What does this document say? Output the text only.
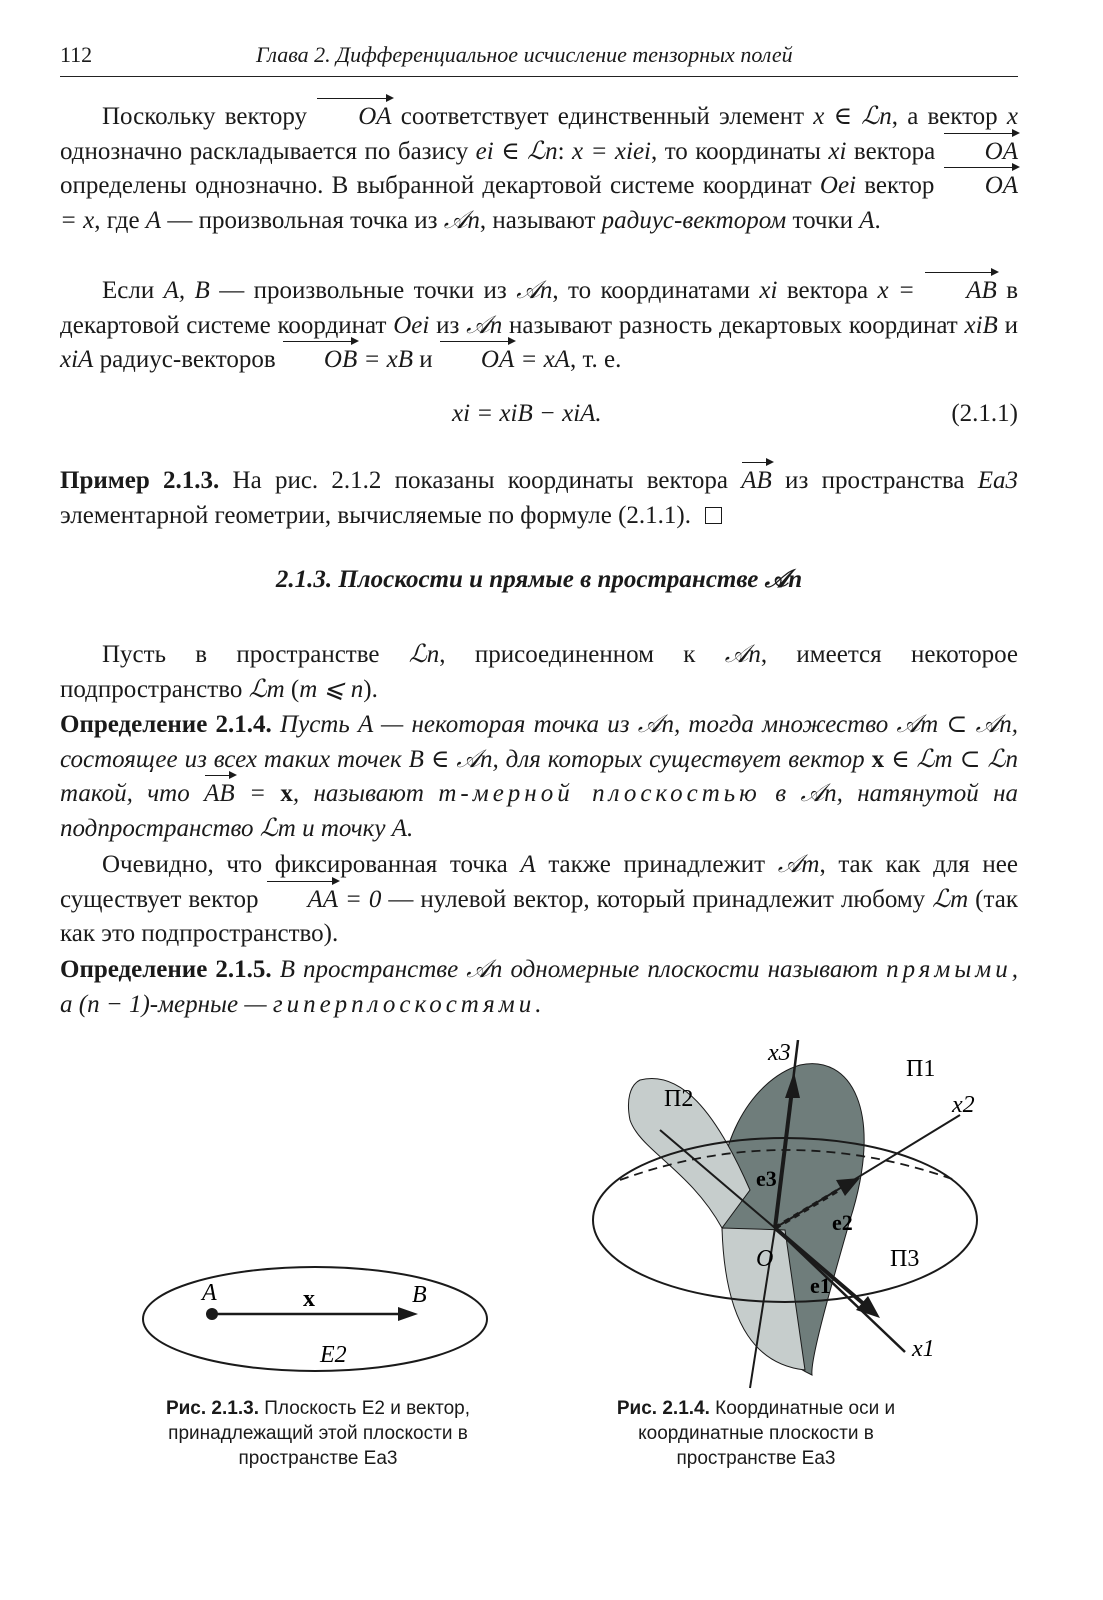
112	Глава 2. Дифференциальное исчисление тензорных полей

Поскольку вектору OA соответствует единственный элемент x ∈ ℒn, а вектор x однозначно раскладывается по базису ei ∈ ℒn: x = xiei, то координаты xi вектора OA определены однозначно. В выбранной декартовой системе координат Oei вектор OA = x, где A — произвольная точка из 𝒜n, называют радиус-вектором точки A.

Если A, B — произвольные точки из 𝒜n, то координатами xi вектора x = AB в декартовой системе координат Oei из 𝒜n называют разность декартовых координат xiB и xiA радиус-векторов OB = xB и OA = xA, т. е.

xi = xiB − xiA.	(2.1.1)

Пример 2.1.3. На рис. 2.1.2 показаны координаты вектора AB из пространства Ea3 элементарной геометрии, вычисляемые по формуле (2.1.1).

2.1.3. Плоскости и прямые в пространстве 𝒜n

Пусть в пространстве ℒn, присоединенном к 𝒜n, имеется некоторое подпространство ℒm (m ⩽ n).

Определение 2.1.4. Пусть A — некоторая точка из 𝒜n, тогда множество 𝒜m ⊂ 𝒜n, состоящее из всех таких точек B ∈ 𝒜n, для которых существует вектор x ∈ ℒm ⊂ ℒn такой, что AB = x, называют m-мерной плоскостью в 𝒜n, натянутой на подпространство ℒm и точку A.

Очевидно, что фиксированная точка A также принадлежит 𝒜m, так как для нее существует вектор AA = 0 — нулевой вектор, который принадлежит любому ℒm (так как это подпространство).

Определение 2.1.5. В пространстве 𝒜n одномерные плоскости называют прямыми, а (n − 1)-мерные — гиперплоскостями.

A	x	B
E2
Рис. 2.1.3. Плоскость E2 и вектор, принадлежащий этой плоскости в пространстве Ea3
x3
x2
x1
П1
П2
П3
e1
e2
e3
O
Рис. 2.1.4. Координатные оси и координатные плоскости в пространстве Ea3
